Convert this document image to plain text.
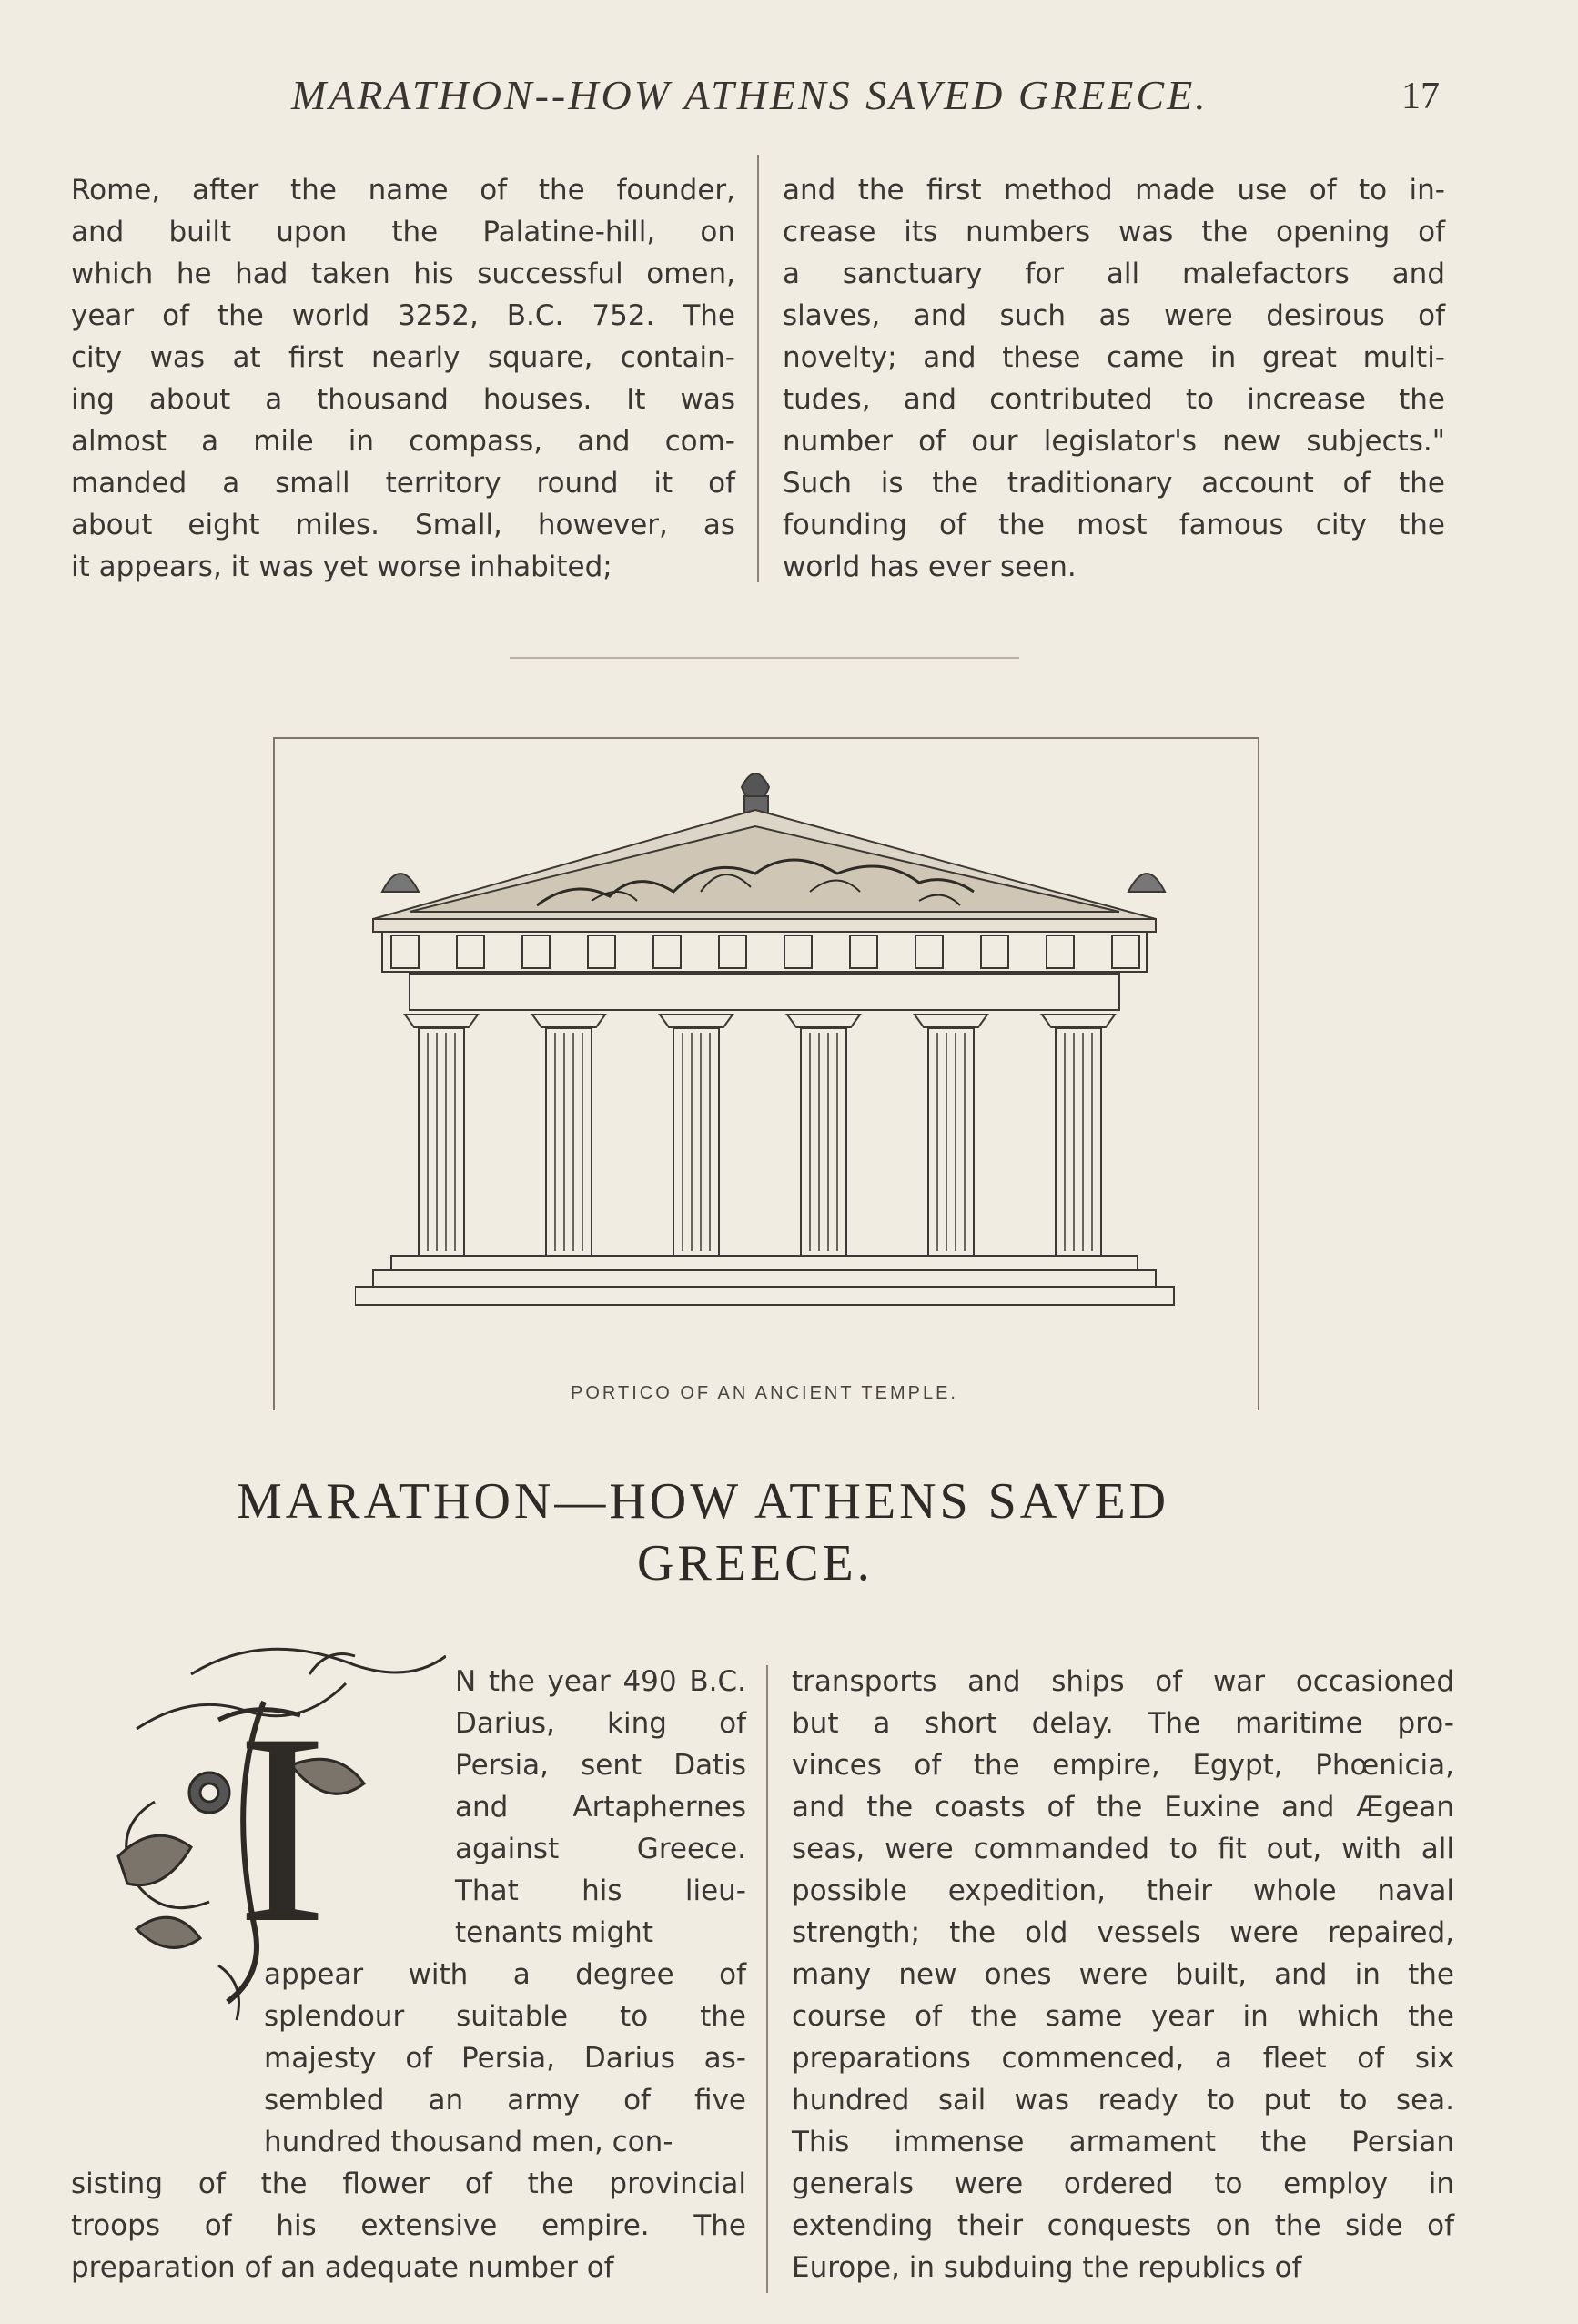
MARATHON--HOW ATHENS SAVED GREECE.	17
Rome, after the name of the founder,
and built upon the Palatine-hill, on
which he had taken his successful omen,
year of the world 3252, B.C. 752. The
city was at first nearly square, contain-
ing about a thousand houses. It was
almost a mile in compass, and com-
manded a small territory round it of
about eight miles. Small, however, as
it appears, it was yet worse inhabited;
and the first method made use of to in-
crease its numbers was the opening of
a sanctuary for all malefactors and
slaves, and such as were desirous of
novelty; and these came in great multi-
tudes, and contributed to increase the
number of our legislator's new subjects."
Such is the traditionary account of the
founding of the most famous city the
world has ever seen.
PORTICO OF AN ANCIENT TEMPLE.
MARATHON—HOW ATHENS SAVED
GREECE.
I	N the year 490 B.C.
Darius, king of
Persia, sent Datis
and Artaphernes
against Greece.
That his lieu-
tenants might
appear with a degree of
splendour suitable to the
majesty of Persia, Darius as-
sembled an army of five
hundred thousand men, con-
sisting of the flower of the provincial
troops of his extensive empire. The
preparation of an adequate number of
transports and ships of war occasioned
but a short delay. The maritime pro-
vinces of the empire, Egypt, Phœnicia,
and the coasts of the Euxine and Ægean
seas, were commanded to fit out, with all
possible expedition, their whole naval
strength; the old vessels were repaired,
many new ones were built, and in the
course of the same year in which the
preparations commenced, a fleet of six
hundred sail was ready to put to sea.
This immense armament the Persian
generals were ordered to employ in
extending their conquests on the side of
Europe, in subduing the republics of
